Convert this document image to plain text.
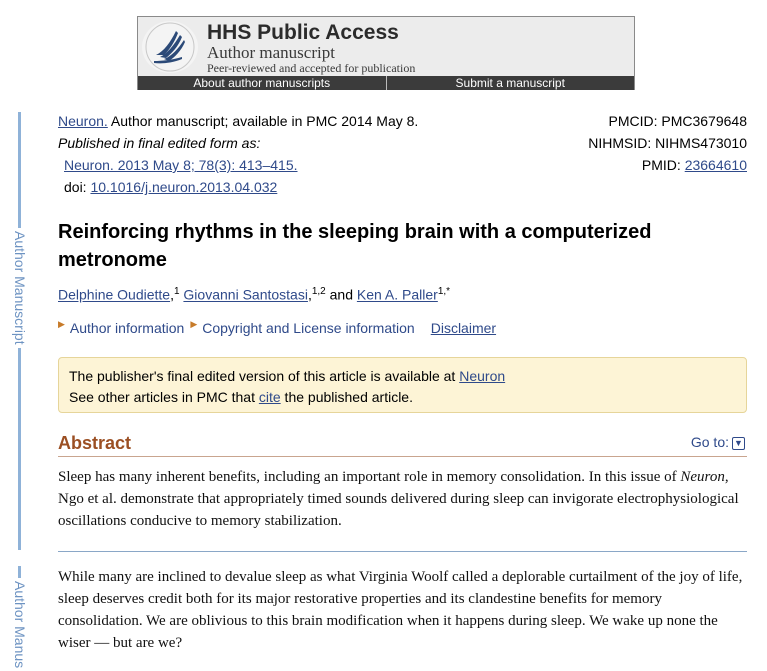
HHS Public Access
Author manuscript
Peer-reviewed and accepted for publication
About author manuscripts	Submit a manuscript
Author Manuscript
Author Manus
Neuron. Author manuscript; available in PMC 2014 May 8.
Published in final edited form as:
Neuron. 2013 May 8; 78(3): 413–415.
doi: 10.1016/j.neuron.2013.04.032
PMCID: PMC3679648
NIHMSID: NIHMS473010
PMID: 23664610
Reinforcing rhythms in the sleeping brain with a computerized metronome
Delphine Oudiette,$^1$ Giovanni Santostasi,$^{1,2}$ and Ken A. Paller$^{1,*}$
▶ Author information ▶ Copyright and License information Disclaimer
The publisher's final edited version of this article is available at Neuron
See other articles in PMC that cite the published article.
Abstract	Go to: ▼

Sleep has many inherent benefits, including an important role in memory consolidation. In this issue of Neuron, Ngo et al. demonstrate that appropriately timed sounds delivered during sleep can invigorate electrophysiological oscillations conducive to memory stabilization.

While many are inclined to devalue sleep as what Virginia Woolf called a deplorable curtailment of the joy of life, sleep deserves credit both for its major restorative properties and its clandestine benefits for memory consolidation. We are oblivious to this brain modification when it happens during sleep. We wake up none the wiser — but are we?
